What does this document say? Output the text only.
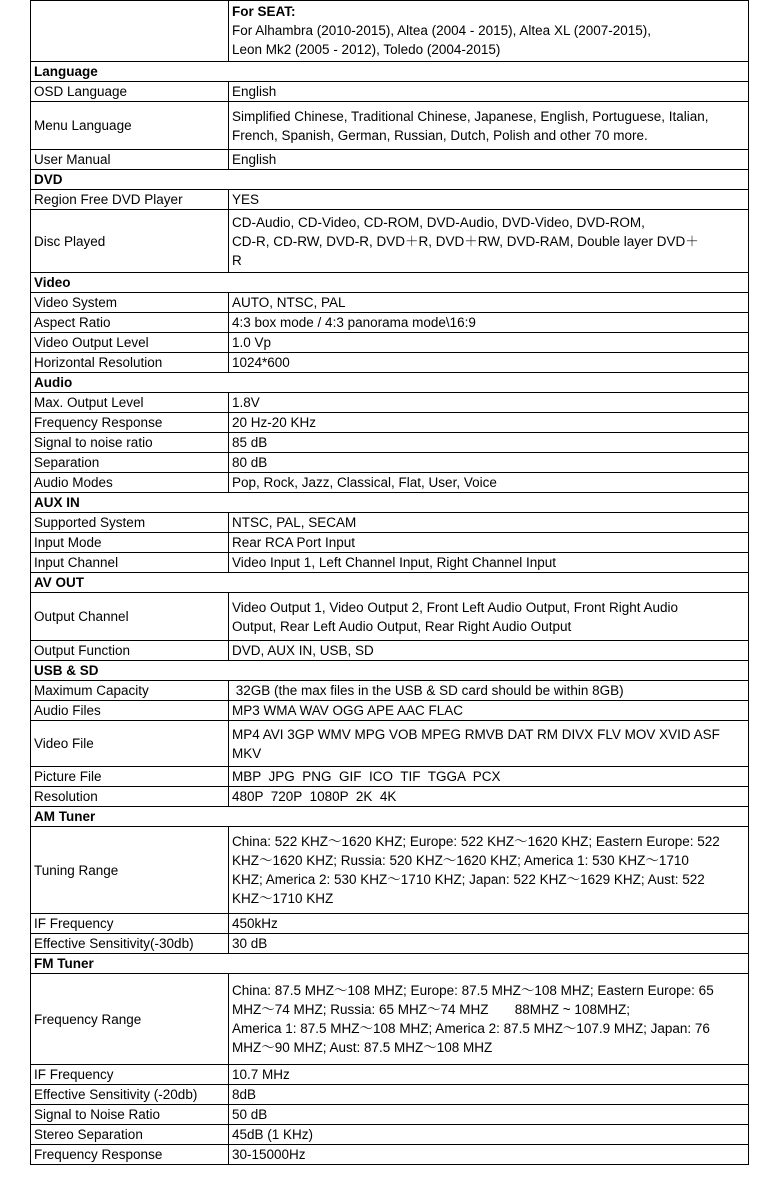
	For SEAT:
For Alhambra (2010-2015), Altea (2004 - 2015), Altea XL (2007-2015),
Leon Mk2 (2005 - 2012), Toledo (2004-2015)

Language	
OSD Language	English
Menu Language	Simplified Chinese, Traditional Chinese, Japanese, English, Portuguese, Italian,
French, Spanish, German, Russian, Dutch, Polish and other 70 more.

User Manual	English
DVD	
Region Free DVD Player	YES
Disc Played	CD-Audio, CD-Video, CD-ROM, DVD-Audio, DVD-Video, DVD-ROM,
CD-R, CD-RW, DVD-R, DVD＋R, DVD＋RW, DVD-RAM, Double layer DVD＋
R

Video	
Video System	AUTO, NTSC, PAL
Aspect Ratio	4:3 box mode / 4:3 panorama mode\16:9
Video Output Level	1.0 Vp
Horizontal Resolution	1024*600
Audio	
Max. Output Level	1.8V
Frequency Response	20 Hz-20 KHz
Signal to noise ratio	85 dB
Separation	80 dB
Audio Modes	Pop, Rock, Jazz, Classical, Flat, User, Voice
AUX IN	
Supported System	NTSC, PAL, SECAM
Input Mode	Rear RCA Port Input
Input Channel	Video Input 1, Left Channel Input, Right Channel Input
AV OUT	
Output Channel	Video Output 1, Video Output 2, Front Left Audio Output, Front Right Audio
Output, Rear Left Audio Output, Rear Right Audio Output

Output Function	DVD, AUX IN, USB, SD
USB & SD	
Maximum Capacity	32GB (the max files in the USB & SD card should be within 8GB)
Audio Files	MP3 WMA WAV OGG APE AAC FLAC
Video File	MP4 AVI 3GP WMV MPG VOB MPEG RMVB DAT RM DIVX FLV MOV XVID ASF
MKV

Picture File	MBP  JPG  PNG  GIF  ICO  TIF  TGGA  PCX
Resolution	480P  720P  1080P  2K  4K
AM Tuner	
Tuning Range	China: 522 KHZ～1620 KHZ; Europe: 522 KHZ～1620 KHZ; Eastern Europe: 522
KHZ～1620 KHZ; Russia: 520 KHZ～1620 KHZ; America 1: 530 KHZ～1710
KHZ; America 2: 530 KHZ～1710 KHZ; Japan: 522 KHZ～1629 KHZ; Aust: 522
KHZ～1710 KHZ

IF Frequency	450kHz
Effective Sensitivity(-30db)	30 dB
FM Tuner	
Frequency Range	China: 87.5 MHZ～108 MHZ; Europe: 87.5 MHZ～108 MHZ; Eastern Europe: 65
MHZ～74 MHZ; Russia: 65 MHZ～74 MHZ       88MHZ ~ 108MHZ;
America 1: 87.5 MHZ～108 MHZ; America 2: 87.5 MHZ～107.9 MHZ; Japan: 76
MHZ～90 MHZ; Aust: 87.5 MHZ～108 MHZ

IF Frequency	10.7 MHz
Effective Sensitivity (-20db)	8dB
Signal to Noise Ratio	50 dB
Stereo Separation	45dB (1 KHz)
Frequency Response	30-15000Hz
